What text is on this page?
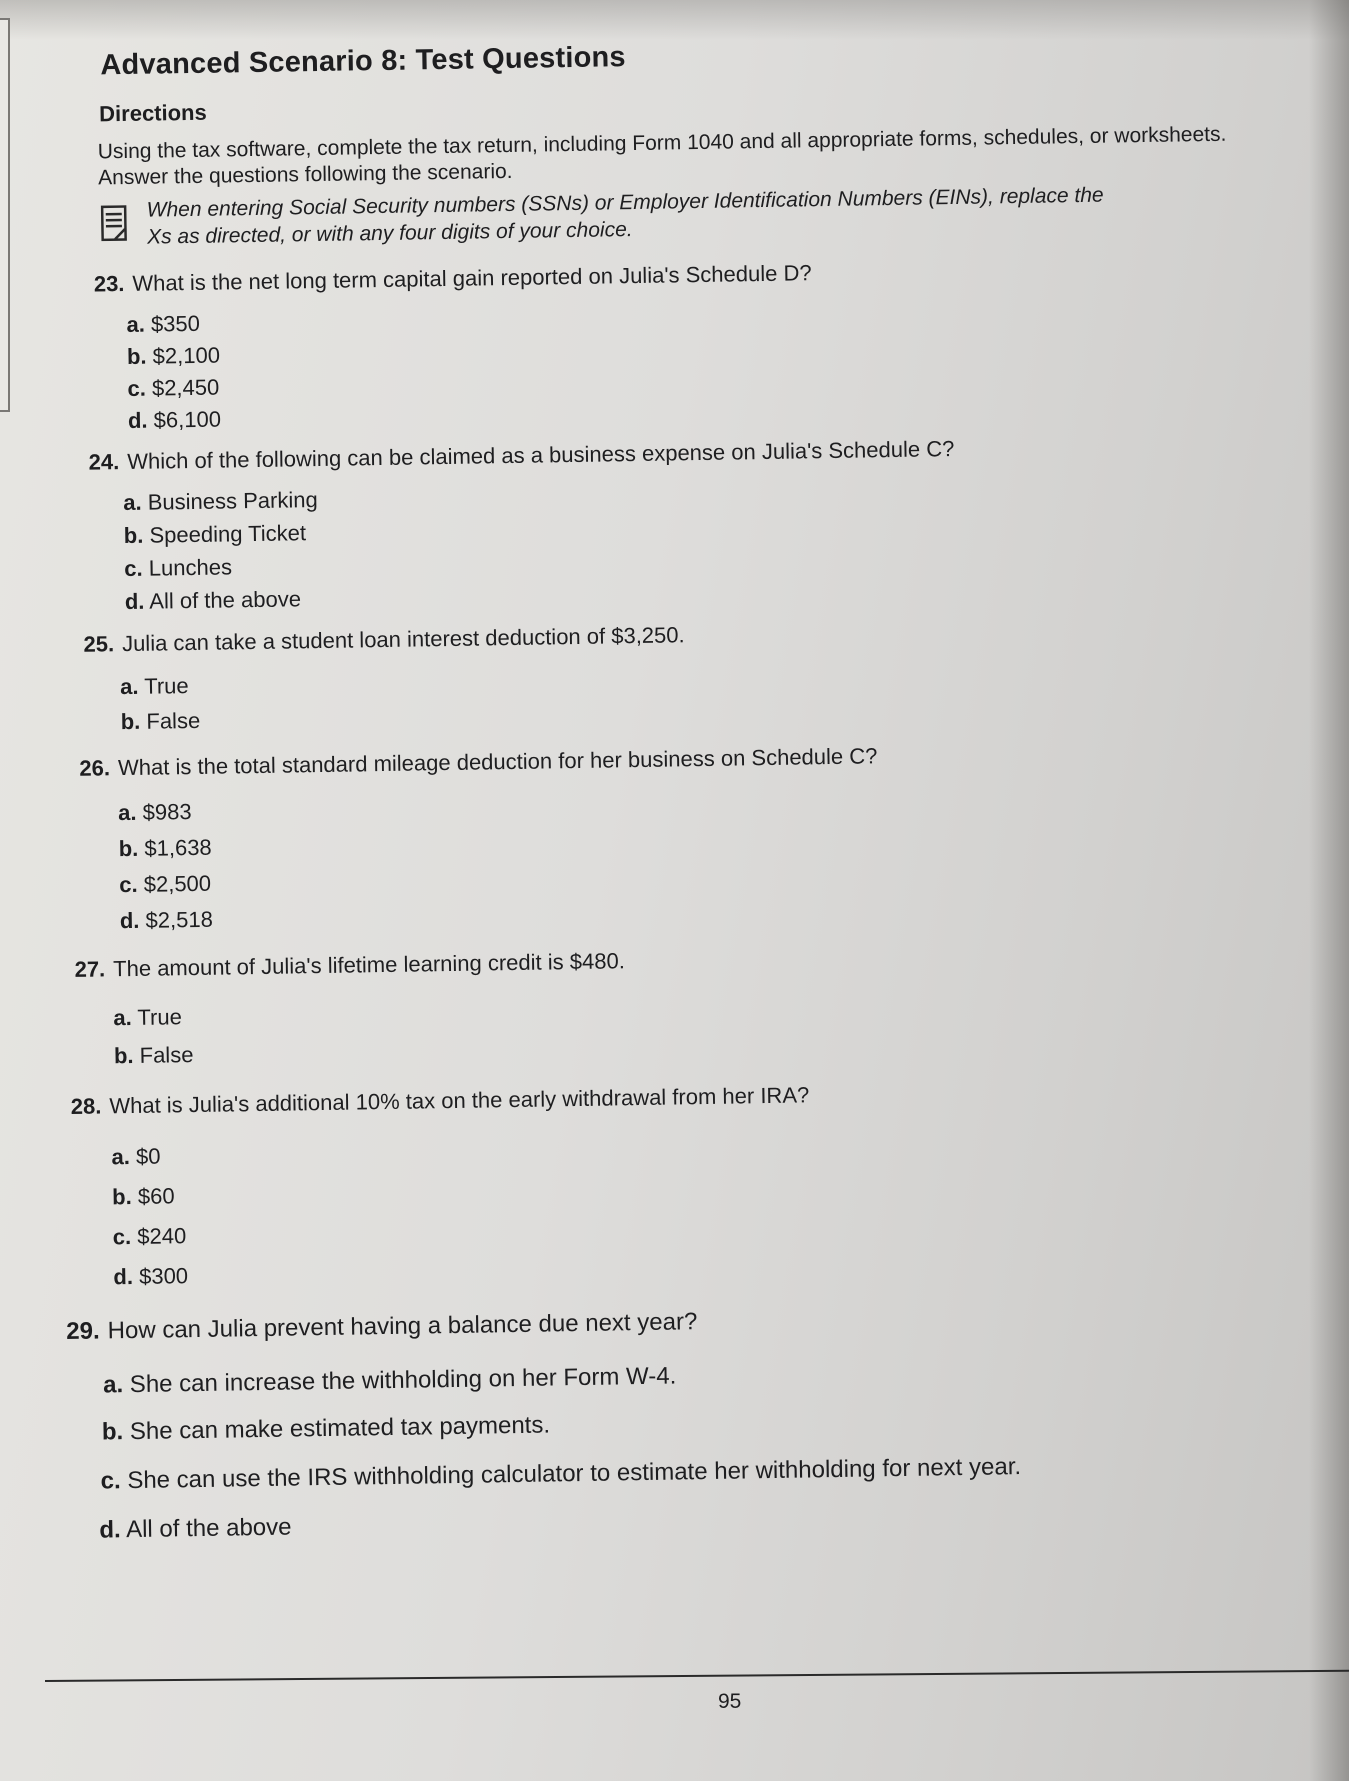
Advanced Scenario 8: Test Questions
Directions
Using the tax software, complete the tax return, including Form 1040 and all appropriate forms, schedules, or worksheets. Answer the questions following the scenario.
When entering Social Security numbers (SSNs) or Employer Identification Numbers (EINs), replace the
Xs as directed, or with any four digits of your choice.
23. What is the net long term capital gain reported on Julia's Schedule D?
a. $350
b. $2,100
c. $2,450
d. $6,100
24. Which of the following can be claimed as a business expense on Julia's Schedule C?
a. Business Parking
b. Speeding Ticket
c. Lunches
d. All of the above
25. Julia can take a student loan interest deduction of $3,250.
a. True
b. False
26. What is the total standard mileage deduction for her business on Schedule C?
a. $983
b. $1,638
c. $2,500
d. $2,518
27. The amount of Julia's lifetime learning credit is $480.
a. True
b. False
28. What is Julia's additional 10% tax on the early withdrawal from her IRA?
a. $0
b. $60
c. $240
d. $300
29. How can Julia prevent having a balance due next year?
a. She can increase the withholding on her Form W-4.
b. She can make estimated tax payments.
c. She can use the IRS withholding calculator to estimate her withholding for next year.
d. All of the above
95
